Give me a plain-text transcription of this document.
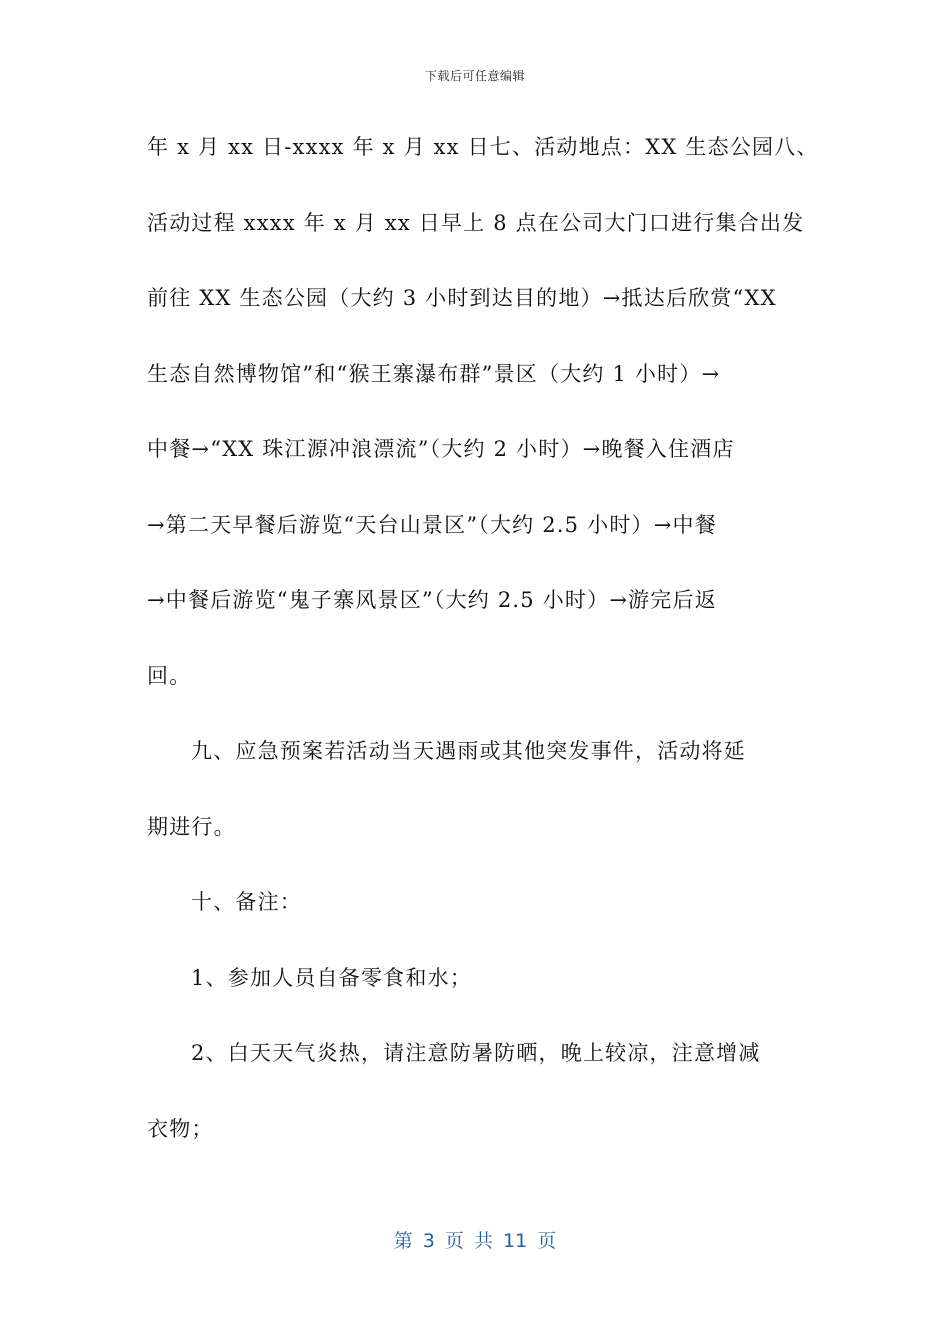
下载后可任意编辑
年 x 月 xx 日-xxxx 年 x 月 xx 日七、活动地点：XX 生态公园八、
活动过程 xxxx 年 x 月 xx 日早上 8 点在公司大门口进行集合出发
前往 XX 生态公园（大约 3 小时到达目的地）→抵达后欣赏“XX
生态自然博物馆”和“猴王寨瀑布群”景区（大约 1 小时）→
中餐→“XX 珠江源冲浪漂流”（大约 2 小时）→晚餐入住酒店
→第二天早餐后游览“天台山景区”（大约 2.5 小时）→中餐
→中餐后游览“鬼子寨风景区”（大约 2.5 小时）→游完后返
回。
九、应急预案若活动当天遇雨或其他突发事件，活动将延
期进行。
十、备注：
1、参加人员自备零食和水；
2、白天天气炎热，请注意防暑防晒，晚上较凉，注意增减
衣物；
第 3 页 共 11 页
